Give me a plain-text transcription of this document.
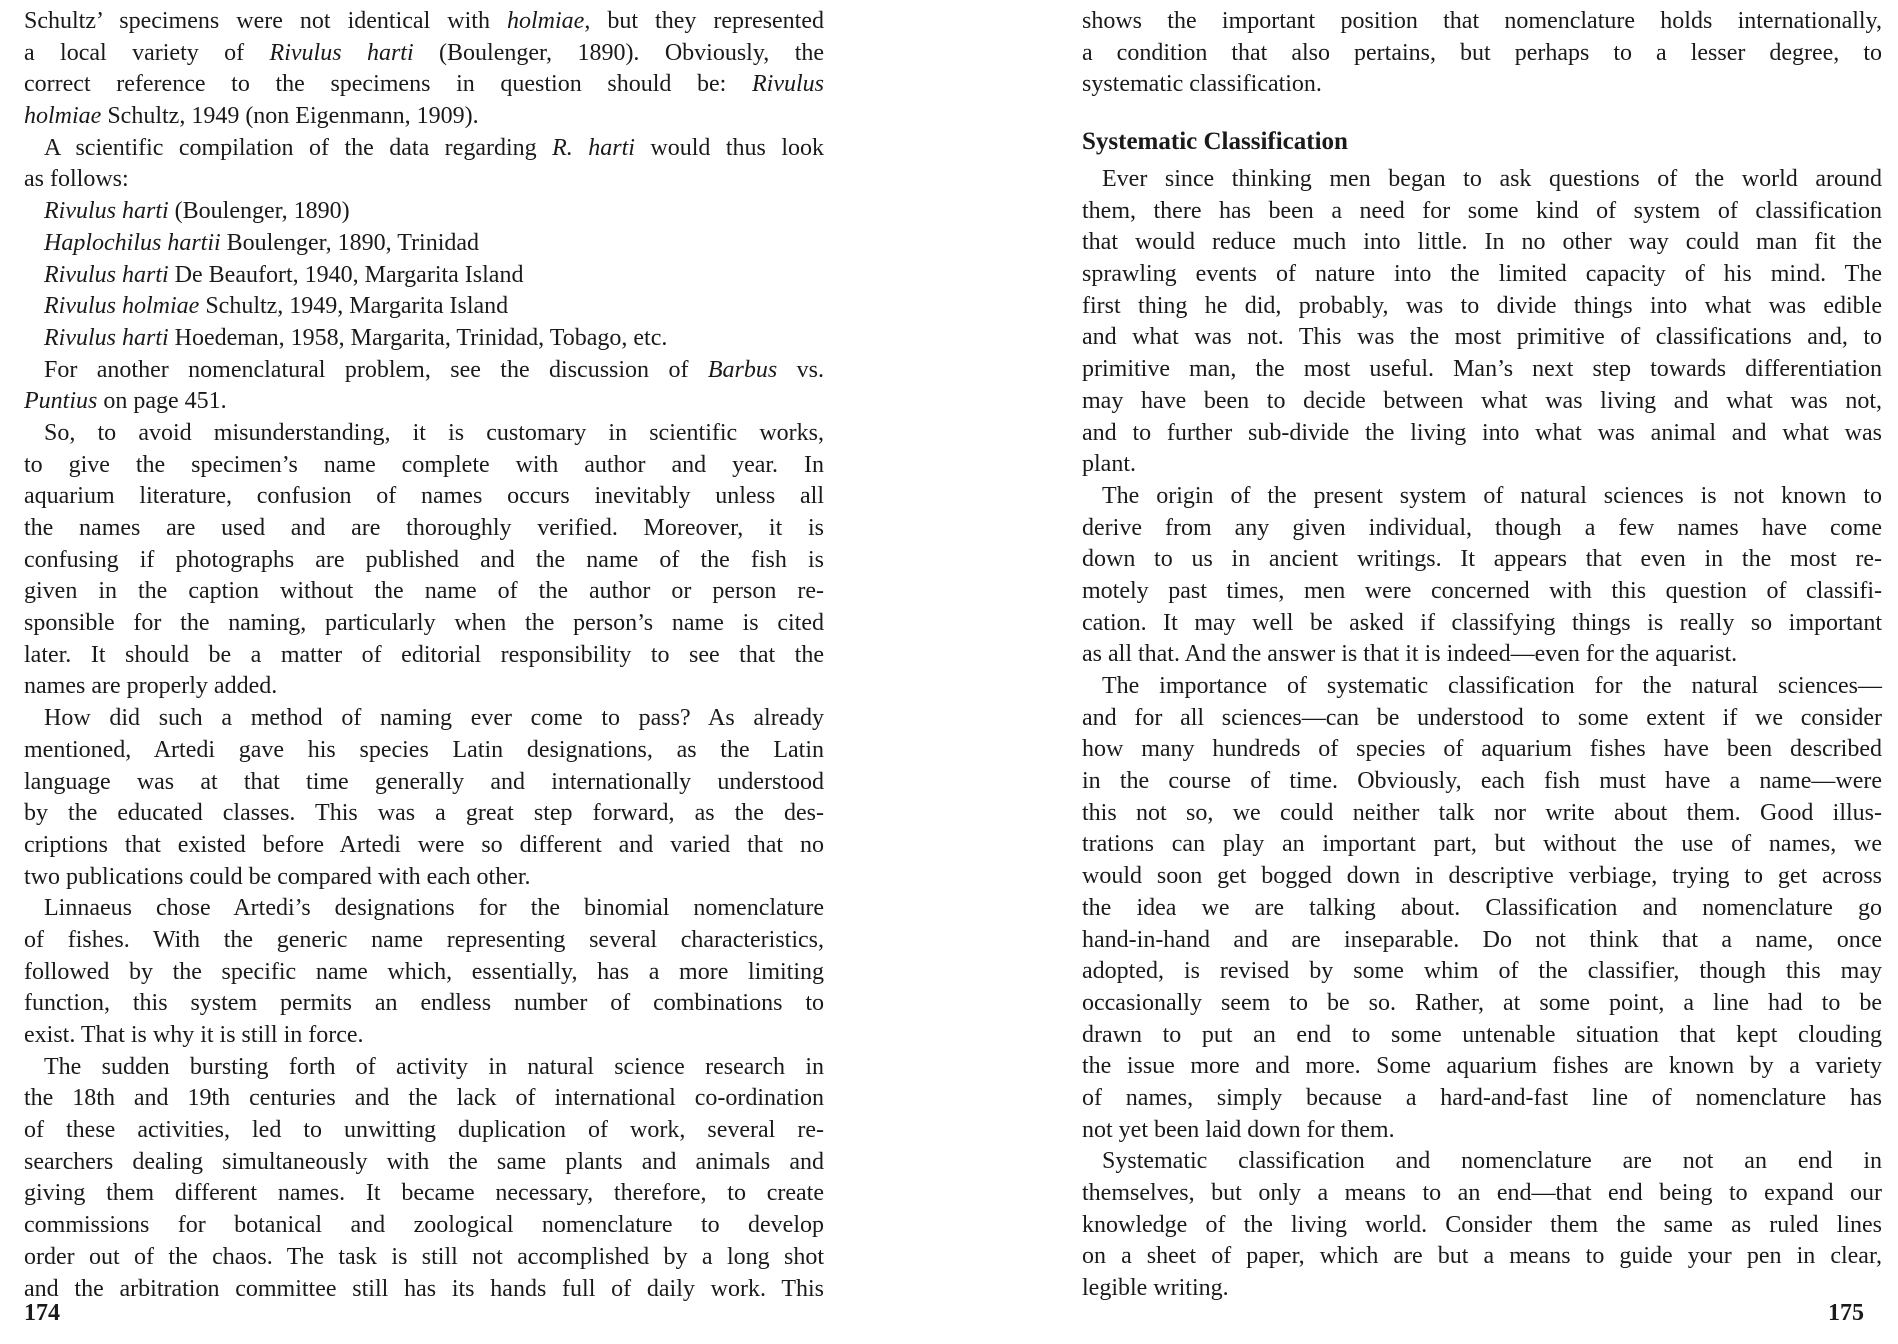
Schultz’ specimens were not identical with holmiae, but they represented
a local variety of Rivulus harti (Boulenger, 1890). Obviously, the
correct reference to the specimens in question should be: Rivulus
holmiae Schultz, 1949 (non Eigenmann, 1909).
A scientific compilation of the data regarding R. harti would thus look
as follows:
Rivulus harti (Boulenger, 1890)
Haplochilus hartii Boulenger, 1890, Trinidad
Rivulus harti De Beaufort, 1940, Margarita Island
Rivulus holmiae Schultz, 1949, Margarita Island
Rivulus harti Hoedeman, 1958, Margarita, Trinidad, Tobago, etc.
For another nomenclatural problem, see the discussion of Barbus vs.
Puntius on page 451.
So, to avoid misunderstanding, it is customary in scientific works,
to give the specimen’s name complete with author and year. In
aquarium literature, confusion of names occurs inevitably unless all
the names are used and are thoroughly verified. Moreover, it is
confusing if photographs are published and the name of the fish is
given in the caption without the name of the author or person re-
sponsible for the naming, particularly when the person’s name is cited
later. It should be a matter of editorial responsibility to see that the
names are properly added.
How did such a method of naming ever come to pass? As already
mentioned, Artedi gave his species Latin designations, as the Latin
language was at that time generally and internationally understood
by the educated classes. This was a great step forward, as the des-
criptions that existed before Artedi were so different and varied that no
two publications could be compared with each other.
Linnaeus chose Artedi’s designations for the binomial nomenclature
of fishes. With the generic name representing several characteristics,
followed by the specific name which, essentially, has a more limiting
function, this system permits an endless number of combinations to
exist. That is why it is still in force.
The sudden bursting forth of activity in natural science research in
the 18th and 19th centuries and the lack of international co-ordination
of these activities, led to unwitting duplication of work, several re-
searchers dealing simultaneously with the same plants and animals and
giving them different names. It became necessary, therefore, to create
commissions for botanical and zoological nomenclature to develop
order out of the chaos. The task is still not accomplished by a long shot
and the arbitration committee still has its hands full of daily work. This
shows the important position that nomenclature holds internationally,
a condition that also pertains, but perhaps to a lesser degree, to
systematic classification.
Systematic Classification
Ever since thinking men began to ask questions of the world around
them, there has been a need for some kind of system of classification
that would reduce much into little. In no other way could man fit the
sprawling events of nature into the limited capacity of his mind. The
first thing he did, probably, was to divide things into what was edible
and what was not. This was the most primitive of classifications and, to
primitive man, the most useful. Man’s next step towards differentiation
may have been to decide between what was living and what was not,
and to further sub-divide the living into what was animal and what was
plant.
The origin of the present system of natural sciences is not known to
derive from any given individual, though a few names have come
down to us in ancient writings. It appears that even in the most re-
motely past times, men were concerned with this question of classifi-
cation. It may well be asked if classifying things is really so important
as all that. And the answer is that it is indeed—even for the aquarist.
The importance of systematic classification for the natural sciences—
and for all sciences—can be understood to some extent if we consider
how many hundreds of species of aquarium fishes have been described
in the course of time. Obviously, each fish must have a name—were
this not so, we could neither talk nor write about them. Good illus-
trations can play an important part, but without the use of names, we
would soon get bogged down in descriptive verbiage, trying to get across
the idea we are talking about. Classification and nomenclature go
hand-in-hand and are inseparable. Do not think that a name, once
adopted, is revised by some whim of the classifier, though this may
occasionally seem to be so. Rather, at some point, a line had to be
drawn to put an end to some untenable situation that kept clouding
the issue more and more. Some aquarium fishes are known by a variety
of names, simply because a hard-and-fast line of nomenclature has
not yet been laid down for them.
Systematic classification and nomenclature are not an end in
themselves, but only a means to an end—that end being to expand our
knowledge of the living world. Consider them the same as ruled lines
on a sheet of paper, which are but a means to guide your pen in clear,
legible writing.
174	175
